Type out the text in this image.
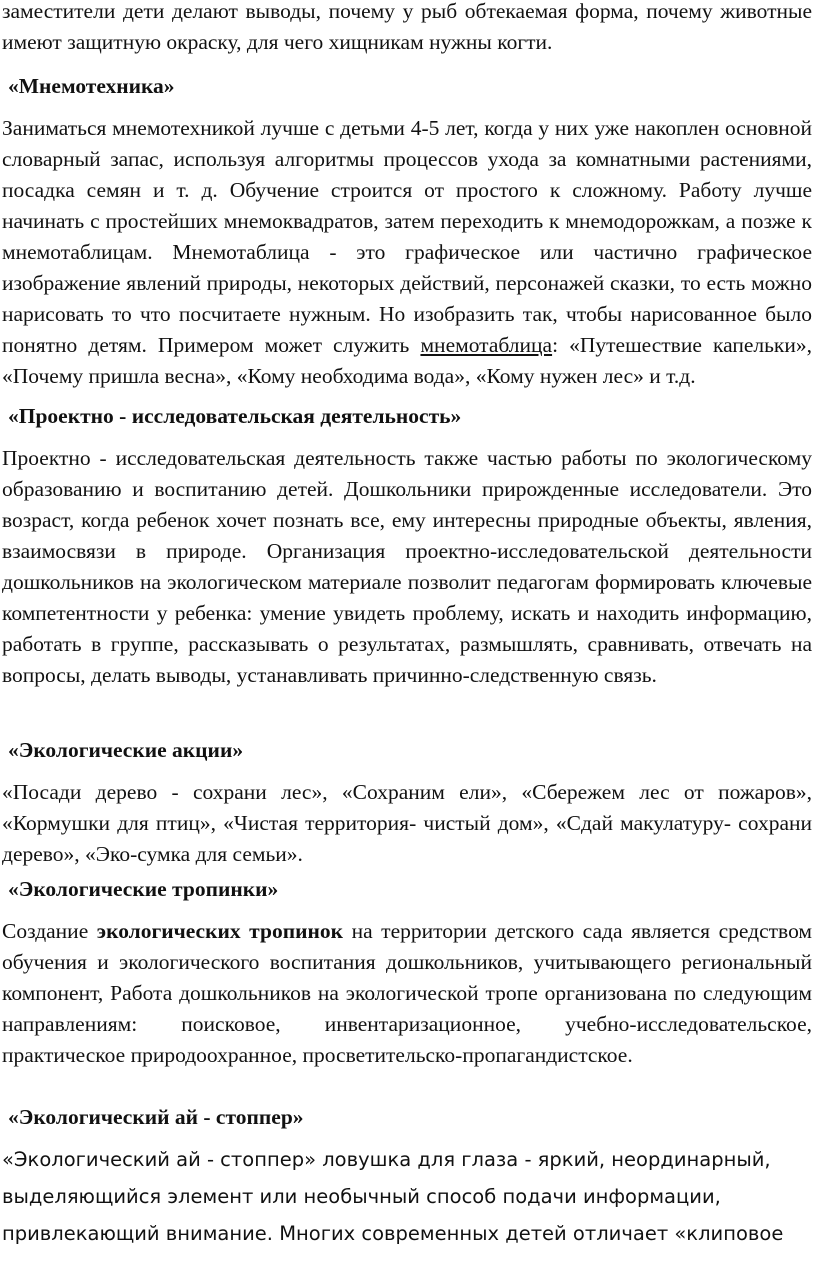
заместители дети делают выводы, почему у рыб обтекаемая форма, почему животные имеют защитную окраску, для чего хищникам нужны когти.

«Мнемотехника»

Заниматься мнемотехникой лучше с детьми 4-5 лет, когда у них уже накоплен основной словарный запас, используя алгоритмы процессов ухода за комнатными растениями, посадка семян и т. д. Обучение строится от простого к сложному. Работу лучше начинать с простейших мнемоквадратов, затем переходить к мнемодорожкам, а позже к мнемотаблицам. Мнемотаблица - это графическое или частично графическое изображение явлений природы, некоторых действий, персонажей сказки, то есть можно нарисовать то что посчитаете нужным. Но изобразить так, чтобы нарисованное было понятно детям. Примером может служить мнемотаблица: «Путешествие капельки», «Почему пришла весна», «Кому необходима вода», «Кому нужен лес» и т.д.

«Проектно - исследовательская деятельность»

Проектно - исследовательская деятельность также частью работы по экологическому образованию и воспитанию детей. Дошкольники прирожденные исследователи. Это возраст, когда ребенок хочет познать все, ему интересны природные объекты, явления, взаимосвязи в природе. Организация проектно-исследовательской деятельности дошкольников на экологическом материале позволит педагогам формировать ключевые компетентности у ребенка: умение увидеть проблему, искать и находить информацию, работать в группе, рассказывать о результатах, размышлять, сравнивать, отвечать на вопросы, делать выводы, устанавливать причинно-следственную связь.

«Экологические акции»

«Посади дерево - сохрани лес», «Сохраним ели», «Сбережем лес от пожаров», «Кормушки для птиц», «Чистая территория- чистый дом», «Сдай макулатуру- сохрани дерево», «Эко-сумка для семьи».

«Экологические тропинки»

Создание экологических тропинок на территории детского сада является средством обучения и экологического воспитания дошкольников, учитывающего региональный компонент, Работа дошкольников на экологической тропе организована по следующим направлениям: поисковое, инвентаризационное, учебно-исследовательское, практическое природоохранное, просветительско-пропагандистское.

«Экологический ай - стоппер»

«Экологический ай - стоппер» ловушка для глаза - яркий, неординарный, выделяющийся элемент или необычный способ подачи информации, привлекающий внимание. Многих современных детей отличает «клиповое
